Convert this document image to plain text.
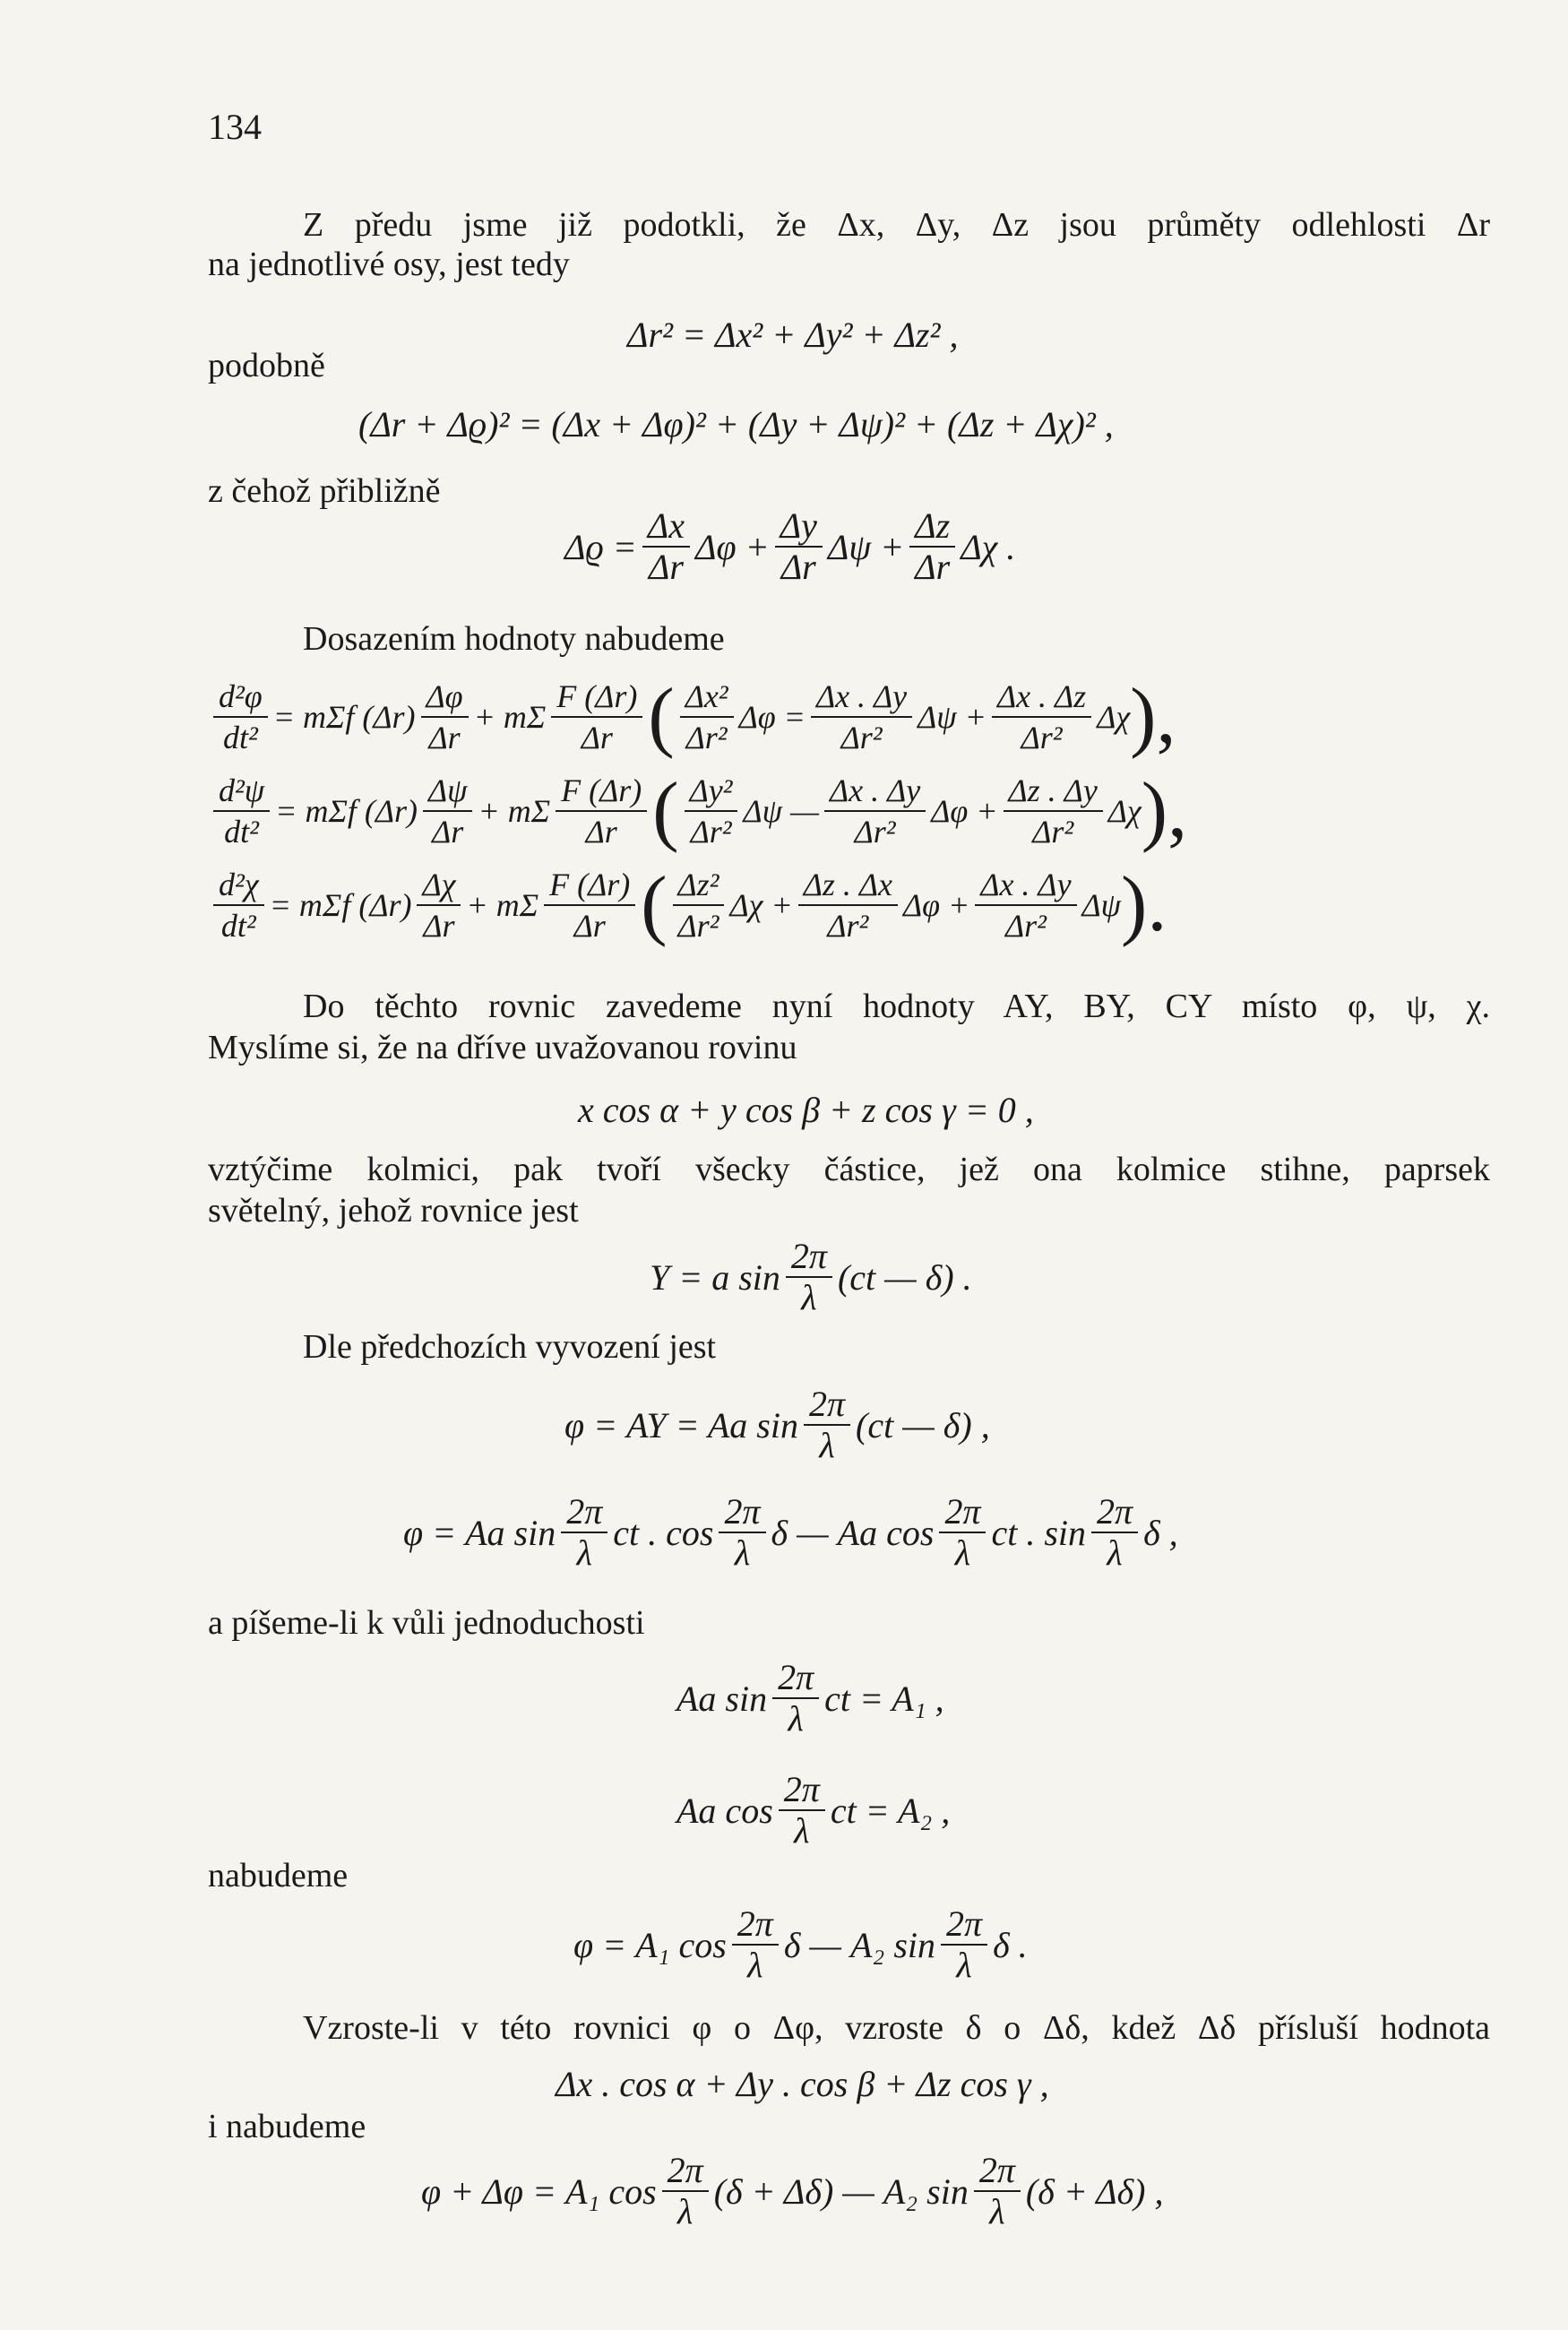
134
Z předu jsme již podotkli, že Δx, Δy, Δz jsou průměty odlehlosti Δr
na jednotlivé osy, jest tedy
Δr² = Δx² + Δy² + Δz² ,
podobně
(Δr + Δϱ)² = (Δx + Δφ)² + (Δy + Δψ)² + (Δz + Δχ)² ,
z čehož přibližně
$\Delta ϱ = \frac{\Delta x}{\Delta r}$ $\Delta\varphi + \frac{\Delta y}{\Delta r}$ $\Delta\psi + \frac{\Delta z}{\Delta r}$ Δχ .
Dosazením hodnoty nabudeme
$\frac{\text{d²φ}}{\text{dt²}} = m\Sigma f$ $(\Delta r) \frac{\Delta\varphi}{\Delta r} + m\Sigma \frac{F (\Delta r)}{\Delta r}$ ( $\frac{\text{Δx²}}{\text{Δr²}}$ $\Delta\varphi = \frac{\Delta x . \Delta y}{\text{Δr²}}$ $\Delta\psi + \frac{\Delta x . \Delta z}{\text{Δr²}}$ Δχ ),
$\frac{\text{d²ψ}}{\text{dt²}} = m\Sigma f$ $(\Delta r) \frac{\Delta\psi}{\Delta r} + m\Sigma \frac{F (\Delta r)}{\Delta r}$ ( $\frac{\text{Δy²}}{\text{Δr²}}$ Δψ — $\frac{\Delta x . \Delta y}{\text{Δr²}}$ $\Delta\varphi + \frac{\Delta z . \Delta y}{\text{Δr²}}$ Δχ ),
$\frac{\text{d²χ}}{\text{dt²}} = m\Sigma f$ $(\Delta r) \frac{\Delta\chi}{\Delta r} + m\Sigma \frac{F (\Delta r)}{\Delta r}$ ( $\frac{\text{Δz²}}{\text{Δr²}}$ $\Delta\chi + \frac{\Delta z . \Delta x}{\text{Δr²}}$ $\Delta\varphi + \frac{\Delta x . \Delta y}{\text{Δr²}}$ Δψ ).
Do těchto rovnic zavedeme nyní hodnoty AY, BY, CY místo φ, ψ, χ.
Myslíme si, že na dříve uvažovanou rovinu
x cos α + y cos β + z cos γ = 0 ,
vztýčime kolmici, pak tvoří všecky částice, jež ona kolmice stihne, paprsek
světelný, jehož rovnice jest
Y = a $\sin \frac{2\pi}{\lambda} (ct$ — δ) .
Dle předchozích vyvození jest
φ = AY = Aa $\sin \frac{2\pi}{\lambda} (ct$ — δ) ,
φ = Aa $\sin \frac{2\pi}{\lambda}$ ct . $\cos \frac{2\pi}{\lambda}$ δ — Aa $\cos \frac{2\pi}{\lambda}$ ct . $\sin \frac{2\pi}{\lambda}$ δ ,
a píšeme-li k vůli jednoduchosti
Aa $\sin \frac{2\pi}{\lambda}$ ct = A₁ ,
Aa $\cos \frac{2\pi}{\lambda}$ ct = A₂ ,
nabudeme
φ = A₁ $\cos \frac{2\pi}{\lambda}$ δ — A₂ $\sin \frac{2\pi}{\lambda}$ δ .
Vzroste-li v této rovnici φ o Δφ, vzroste δ o Δδ, kdež Δδ přísluší hodnota
Δx . cos α + Δy . cos β + Δz cos γ ,
i nabudeme
φ + Δφ = A₁ $\cos \frac{2\pi}{\lambda} (\delta + \Delta\delta)$ — A₂ $\sin \frac{2\pi}{\lambda} (\delta + \Delta\delta)$ ,
